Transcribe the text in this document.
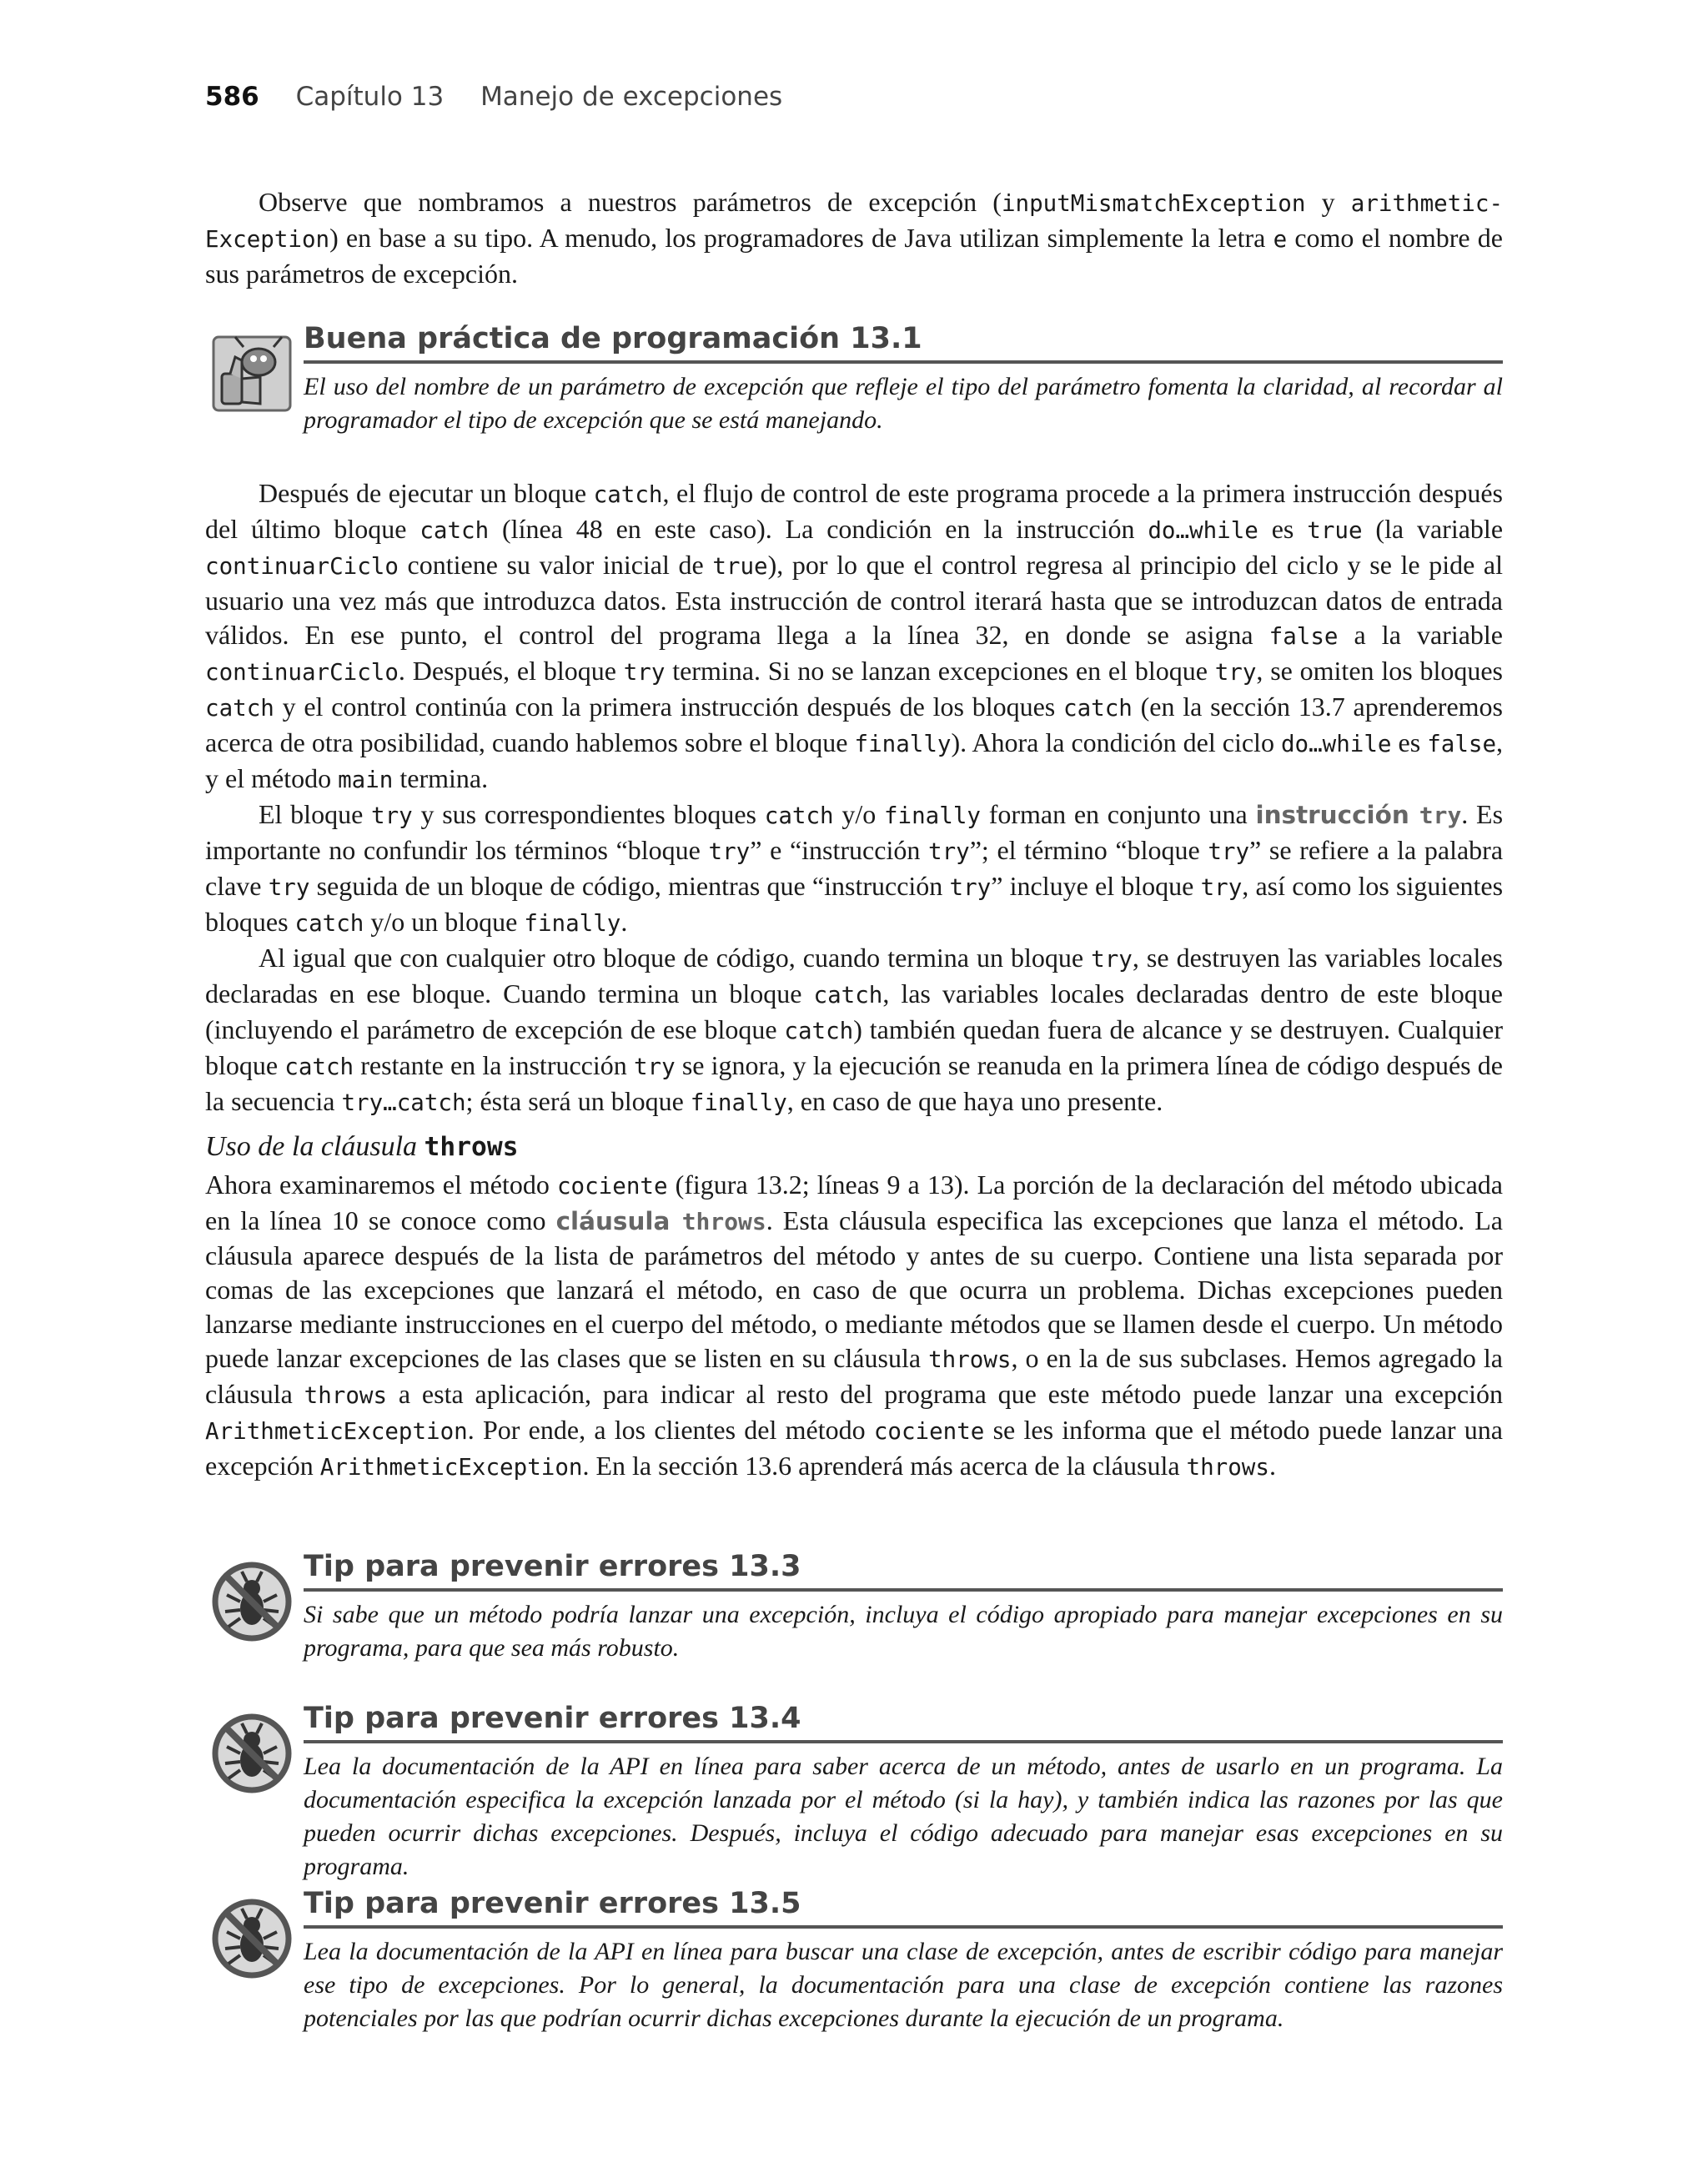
586 Capítulo 13 Manejo de excepciones

Observe que nombramos a nuestros parámetros de excepción (inputMismatchException y arithmetic-Exception) en base a su tipo. A menudo, los programadores de Java utilizan simplemente la letra e como el nombre de sus parámetros de excepción.

Buena práctica de programación 13.1
El uso del nombre de un parámetro de excepción que refleje el tipo del parámetro fomenta la claridad, al recordar al programador el tipo de excepción que se está manejando.

Después de ejecutar un bloque catch, el flujo de control de este programa procede a la primera instrucción después del último bloque catch (línea 48 en este caso). La condición en la instrucción do…while es true (la variable continuarCiclo contiene su valor inicial de true), por lo que el control regresa al principio del ciclo y se le pide al usuario una vez más que introduzca datos. Esta instrucción de control iterará hasta que se introduzcan datos de entrada válidos. En ese punto, el control del programa llega a la línea 32, en donde se asigna false a la variable continuarCiclo. Después, el bloque try termina. Si no se lanzan excepciones en el bloque try, se omiten los bloques catch y el control continúa con la primera instrucción después de los bloques catch (en la sección 13.7 aprenderemos acerca de otra posibilidad, cuando hablemos sobre el bloque finally). Ahora la condición del ciclo do…while es false, y el método main termina.

El bloque try y sus correspondientes bloques catch y/o finally forman en conjunto una instrucción try. Es importante no confundir los términos “bloque try” e “instrucción try”; el término “bloque try” se refiere a la palabra clave try seguida de un bloque de código, mientras que “instrucción try” incluye el bloque try, así como los siguientes bloques catch y/o un bloque finally.

Al igual que con cualquier otro bloque de código, cuando termina un bloque try, se destruyen las variables locales declaradas en ese bloque. Cuando termina un bloque catch, las variables locales declaradas dentro de este bloque (incluyendo el parámetro de excepción de ese bloque catch) también quedan fuera de alcance y se destruyen. Cualquier bloque catch restante en la instrucción try se ignora, y la ejecución se reanuda en la primera línea de código después de la secuencia try…catch; ésta será un bloque finally, en caso de que haya uno presente.

Uso de la cláusula throws

Ahora examinaremos el método cociente (figura 13.2; líneas 9 a 13). La porción de la declaración del método ubicada en la línea 10 se conoce como cláusula throws. Esta cláusula especifica las excepciones que lanza el método. La cláusula aparece después de la lista de parámetros del método y antes de su cuerpo. Contiene una lista separada por comas de las excepciones que lanzará el método, en caso de que ocurra un problema. Dichas excepciones pueden lanzarse mediante instrucciones en el cuerpo del método, o mediante métodos que se llamen desde el cuerpo. Un método puede lanzar excepciones de las clases que se listen en su cláusula throws, o en la de sus subclases. Hemos agregado la cláusula throws a esta aplicación, para indicar al resto del programa que este método puede lanzar una excepción ArithmeticException. Por ende, a los clientes del método cociente se les informa que el método puede lanzar una excepción ArithmeticException. En la sección 13.6 aprenderá más acerca de la cláusula throws.

Tip para prevenir errores 13.3
Si sabe que un método podría lanzar una excepción, incluya el código apropiado para manejar excepciones en su programa, para que sea más robusto.
Tip para prevenir errores 13.4
Lea la documentación de la API en línea para saber acerca de un método, antes de usarlo en un programa. La documentación especifica la excepción lanzada por el método (si la hay), y también indica las razones por las que pueden ocurrir dichas excepciones. Después, incluya el código adecuado para manejar esas excepciones en su programa.
Tip para prevenir errores 13.5
Lea la documentación de la API en línea para buscar una clase de excepción, antes de escribir código para manejar ese tipo de excepciones. Por lo general, la documentación para una clase de excepción contiene las razones potenciales por las que podrían ocurrir dichas excepciones durante la ejecución de un programa.
